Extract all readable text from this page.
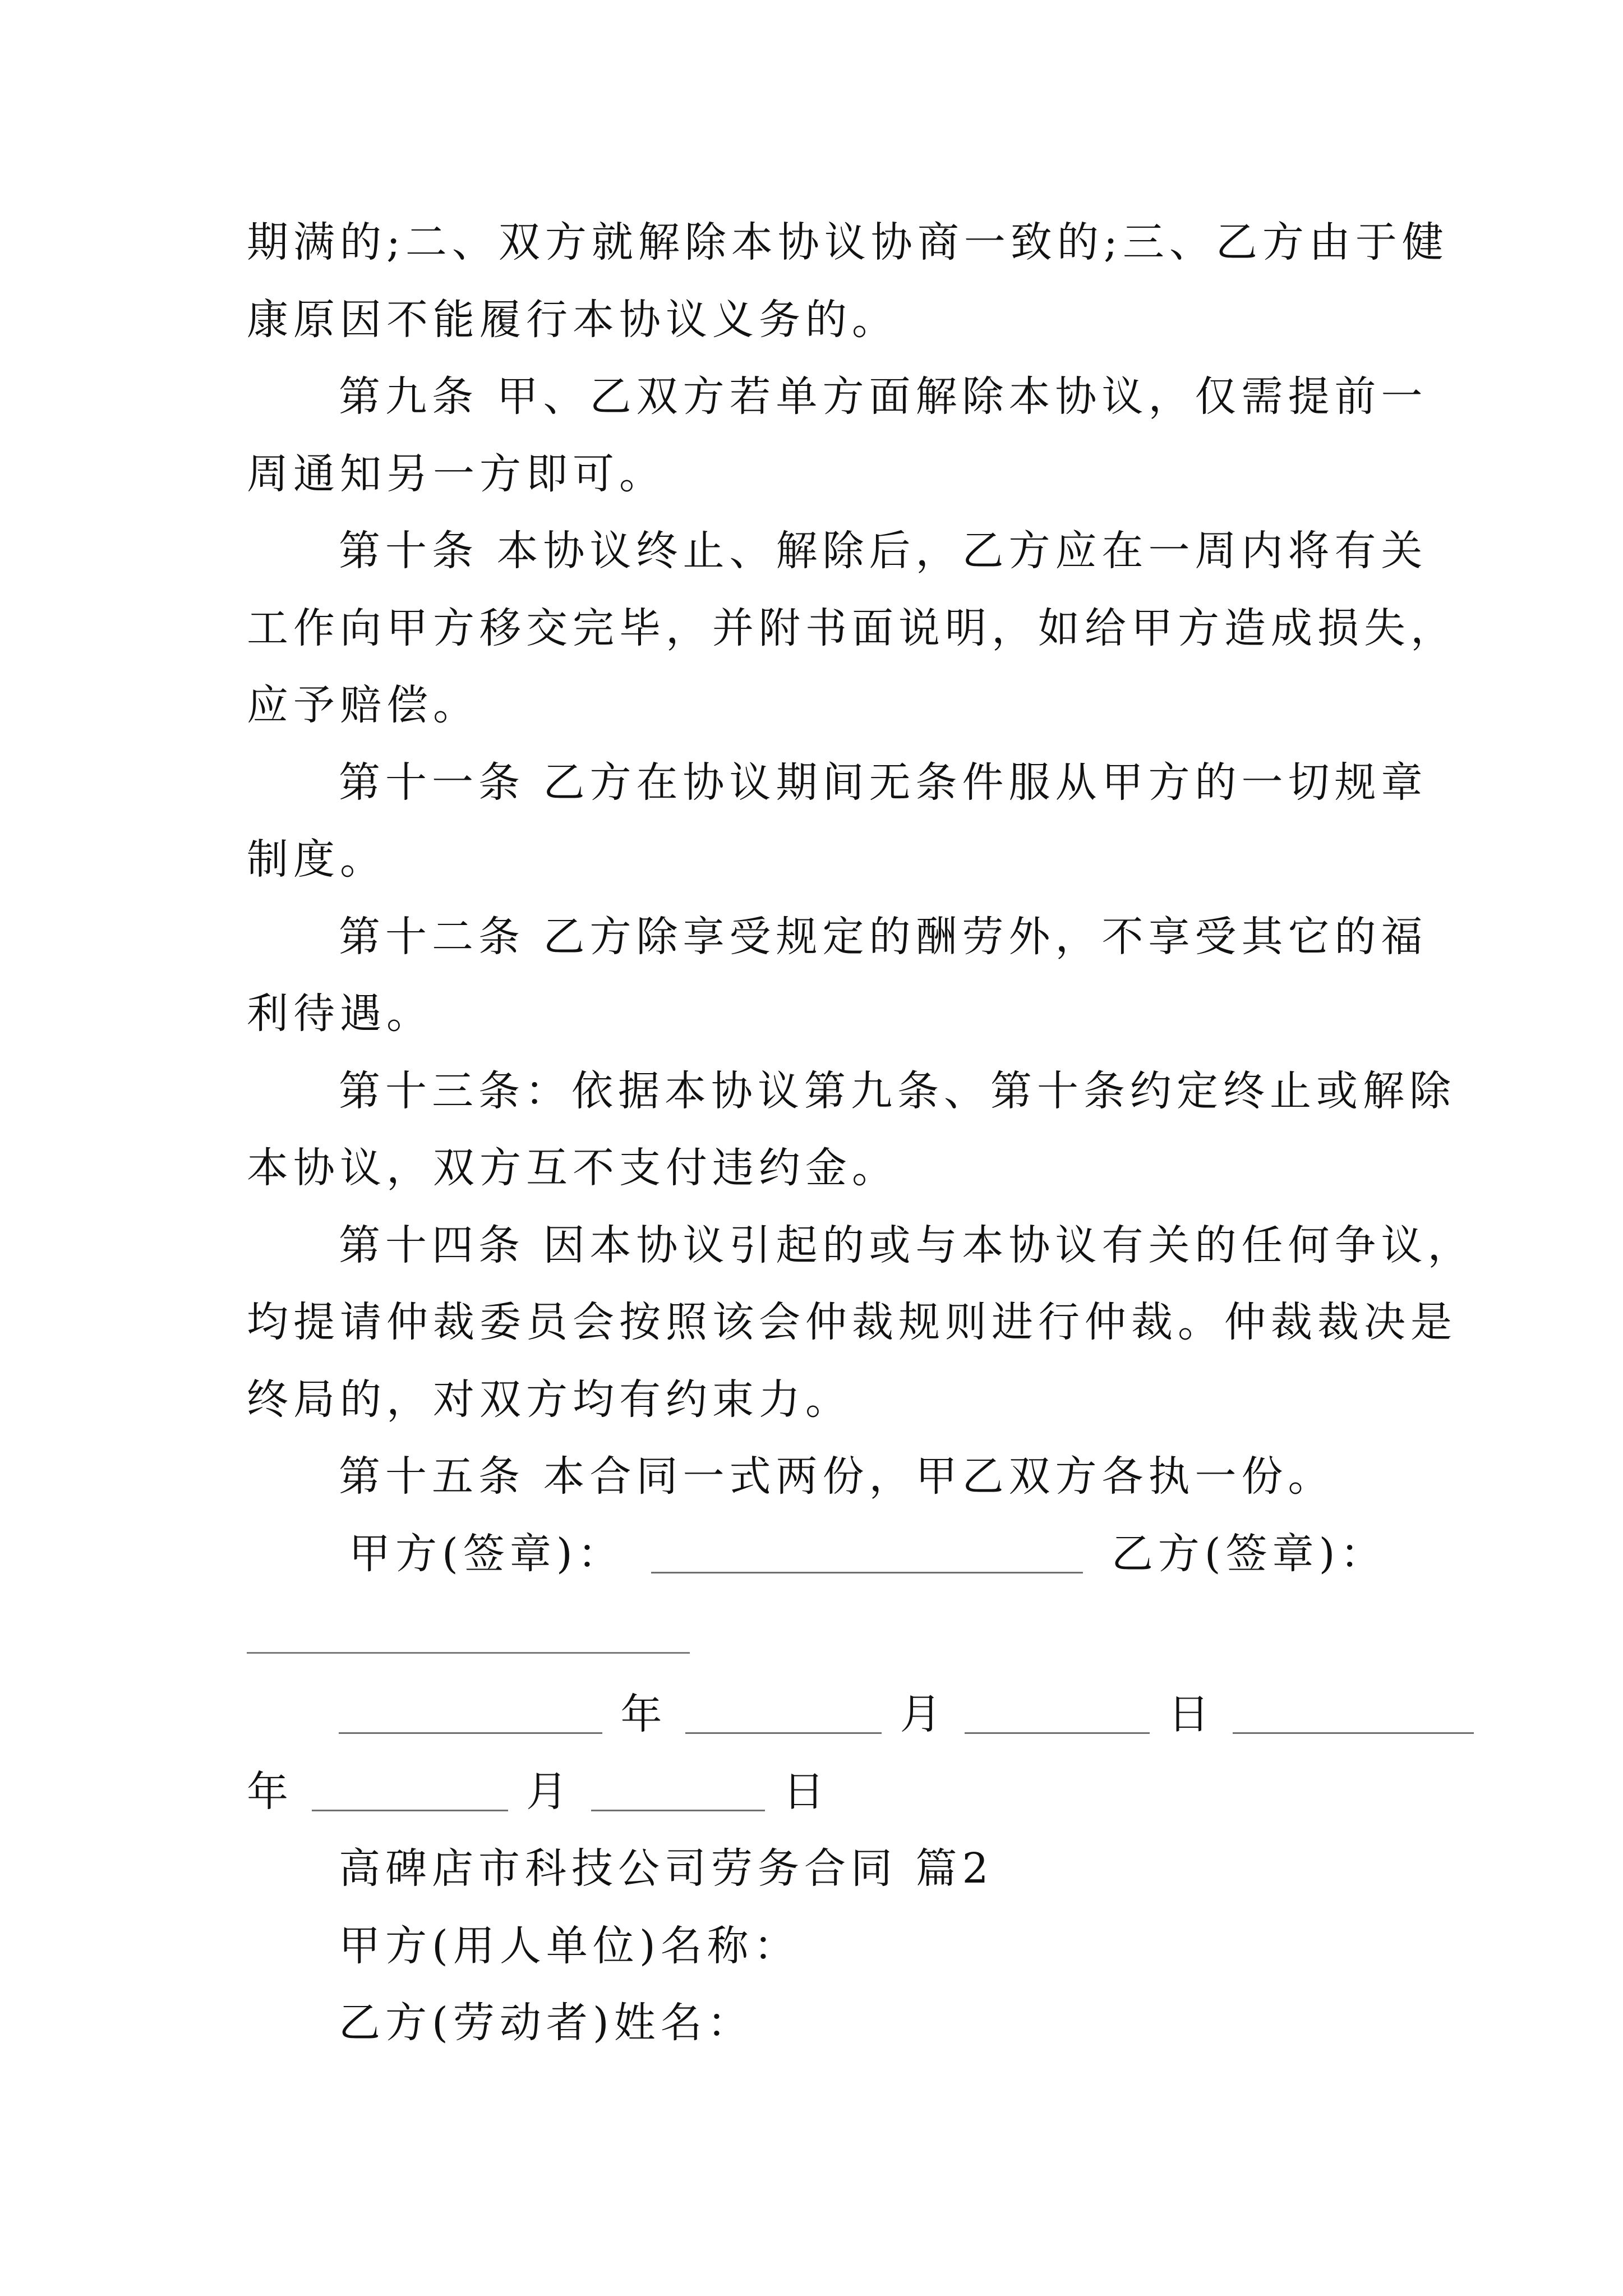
期满的;二、双方就解除本协议协商一致的;三、乙方由于健
康原因不能履行本协议义务的。
第九条 甲、乙双方若单方面解除本协议，仅需提前一
周通知另一方即可。
第十条 本协议终止、解除后，乙方应在一周内将有关
工作向甲方移交完毕，并附书面说明，如给甲方造成损失，
应予赔偿。
第十一条 乙方在协议期间无条件服从甲方的一切规章
制度。
第十二条 乙方除享受规定的酬劳外，不享受其它的福
利待遇。
第十三条：依据本协议第九条、第十条约定终止或解除
本协议，双方互不支付违约金。
第十四条 因本协议引起的或与本协议有关的任何争议，
均提请仲裁委员会按照该会仲裁规则进行仲裁。仲裁裁决是
终局的，对双方均有约束力。
第十五条 本合同一式两份，甲乙双方各执一份。
甲方(签章)：	乙方(签章)：
年	月	日
年	月	日
高碑店市科技公司劳务合同 篇2
甲方(用人单位)名称：
乙方(劳动者)姓名：
